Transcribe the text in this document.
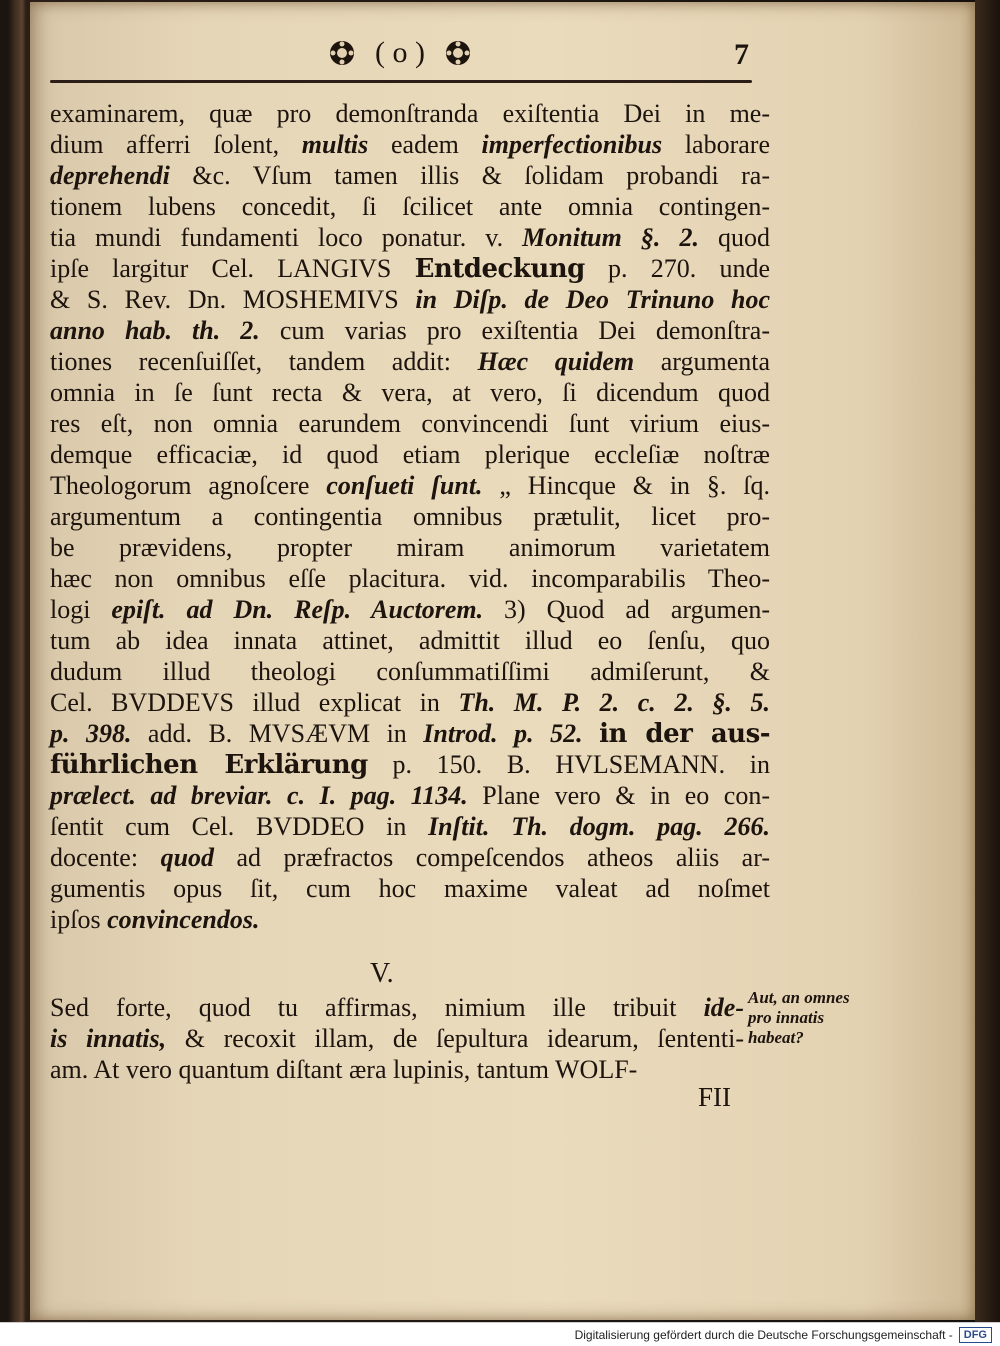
( o )	7
examinarem, quæ pro demonſtranda exiſtentia Dei in me-
dium afferri ſolent, multis eadem imperfectionibus laborare
deprehendi &c. Vſum tamen illis & ſolidam probandi ra-
tionem lubens concedit, ſi ſcilicet ante omnia contingen-
tia mundi fundamenti loco ponatur. v. Monitum §. 2. quod
ipſe largitur Cel. LANGIVS Entdeckung p. 270. unde
& S. Rev. Dn. MOSHEMIVS in Diſp. de Deo Trinuno hoc
anno hab. th. 2. cum varias pro exiſtentia Dei demonſtra-
tiones recenſuiſſet, tandem addit: Hæc quidem argumenta
omnia in ſe ſunt recta & vera, at vero, ſi dicendum quod
res eſt, non omnia earundem convincendi ſunt virium eius-
demque efficaciæ, id quod etiam plerique eccleſiæ noſtræ
Theologorum agnoſcere conſueti ſunt. „ Hincque & in §. ſq.
argumentum a contingentia omnibus prætulit, licet pro-
be prævidens, propter miram animorum varietatem
hæc non omnibus eſſe placitura. vid. incomparabilis Theo-
logi epiſt. ad Dn. Reſp. Auctorem. 3) Quod ad argumen-
tum ab idea innata attinet, admittit illud eo ſenſu, quo
dudum illud theologi conſummatiſſimi admiſerunt, &
Cel. BVDDEVS illud explicat in Th. M. P. 2. c. 2. §. 5.
p. 398. add. B. MVSÆVM in Introd. p. 52. in der aus-
führlichen Erklärung p. 150. B. HVLSEMANN. in
prælect. ad breviar. c. I. pag. 1134. Plane vero & in eo con-
ſentit cum Cel. BVDDEO in Inſtit. Th. dogm. pag. 266.
docente: quod ad præfractos compeſcendos atheos aliis ar-
gumentis opus ſit, cum hoc maxime valeat ad noſmet
ipſos convincendos.
V.
Sed forte, quod tu affirmas, nimium ille tribuit ide-
is innatis, & recoxit illam, de ſepultura idearum, ſententi-
am. At vero quantum diſtant æra lupinis, tantum WOLF-
Aut, an omnes pro innatis habeat?
FII
Digitalisierung gefördert durch die Deutsche Forschungsgemeinschaft -	DFG
